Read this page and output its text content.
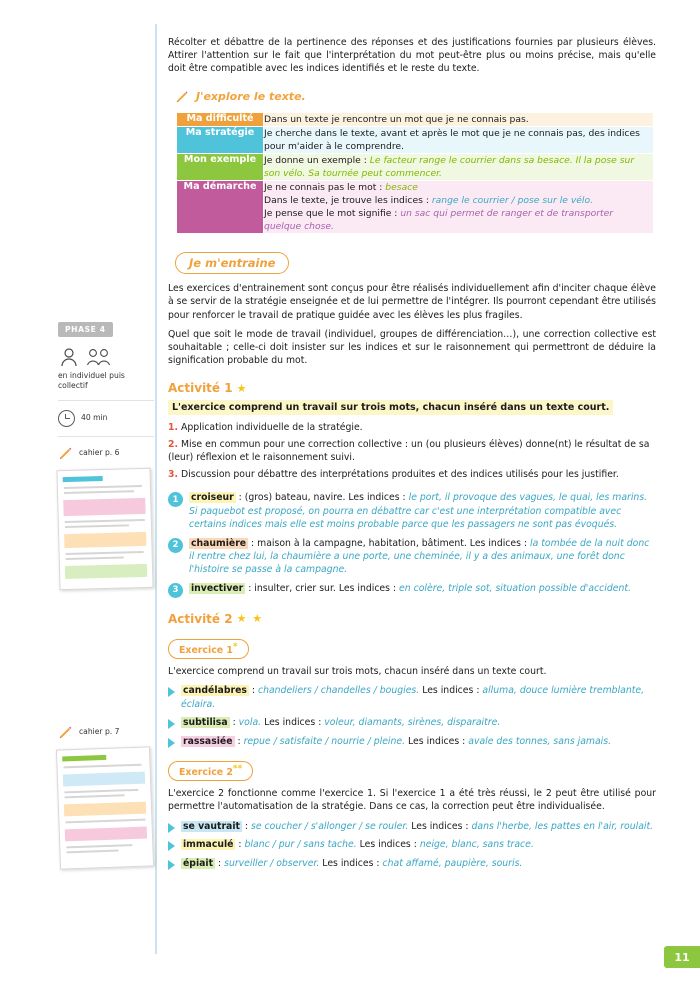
Récolter et débattre de la pertinence des réponses et des justifications fournies par plusieurs élèves. Attirer l'attention sur le fait que l'interprétation du mot peut-être plus ou moins précise, mais qu'elle doit être compatible avec les indices identifiés et le reste du texte.

J'explore le texte.
Ma difficulté	Dans un texte je rencontre un mot que je ne connais pas.
Ma stratégie	Je cherche dans le texte, avant et après le mot que je ne connais pas, des indices pour m'aider à le comprendre.
Mon exemple	Je donne un exemple : Le facteur range le courrier dans sa besace. Il la pose sur son vélo. Sa tournée peut commencer.
Ma démarche	Je ne connais pas le mot : besace
Dans le texte, je trouve les indices : range le courrier / pose sur le vélo.
Je pense que le mot signifie : un sac qui permet de ranger et de transporter quelque chose.
Je m'entraine

Les exercices d'entrainement sont conçus pour être réalisés individuellement afin d'inciter chaque élève à se servir de la stratégie enseignée et de lui permettre de l'intégrer. Ils pourront cependant être utilisés pour renforcer le travail de pratique guidée avec les élèves les plus fragiles.

Quel que soit le mode de travail (individuel, groupes de différenciation…), une correction collective est souhaitable ; celle-ci doit insister sur les indices et sur le raisonnement qui permettront de déduire la signification probable du mot.

Activité 1 ★
L'exercice comprend un travail sur trois mots, chacun inséré dans un texte court.
1. Application individuelle de la stratégie.
2. Mise en commun pour une correction collective : un (ou plusieurs élèves) donne(nt) le résultat de sa (leur) réflexion et le raisonnement suivi.
3. Discussion pour débattre des interprétations produites et des indices utilisés pour les justifier.
1	croiseur : (gros) bateau, navire. Les indices : le port, il provoque des vagues, le quai, les marins. Si paquebot est proposé, on pourra en débattre car c'est une interprétation compatible avec certains indices mais elle est moins probable parce que les passagers ne sont pas évoqués.
2	chaumière : maison à la campagne, habitation, bâtiment. Les indices : la tombée de la nuit donc il rentre chez lui, la chaumière a une porte, une cheminée, il y a des animaux, une forêt donc l'histoire se passe à la campagne.
3	invectiver : insulter, crier sur. Les indices : en colère, triple sot, situation possible d'accident.
Activité 2 ★ ★
Exercice 1*

L'exercice comprend un travail sur trois mots, chacun inséré dans un texte court.

candélabres : chandeliers / chandelles / bougies. Les indices : alluma, douce lumière tremblante, éclaira.
subtilisa : vola. Les indices : voleur, diamants, sirènes, disparaitre.
rassasiée : repue / satisfaite / nourrie / pleine. Les indices : avale des tonnes, sans jamais.
Exercice 2**

L'exercice 2 fonctionne comme l'exercice 1. Si l'exercice 1 a été très réussi, le 2 peut être utilisé pour permettre l'automatisation de la stratégie. Dans ce cas, la correction peut être individualisée.

se vautrait : se coucher / s'allonger / se rouler. Les indices : dans l'herbe, les pattes en l'air, roulait.
immaculé : blanc / pur / sans tache. Les indices : neige, blanc, sans trace.
épiait : surveiller / observer. Les indices : chat affamé, paupière, souris.
PHASE 4
en individuel puis collectif
40 min
cahier p. 6
cahier p. 7
11
